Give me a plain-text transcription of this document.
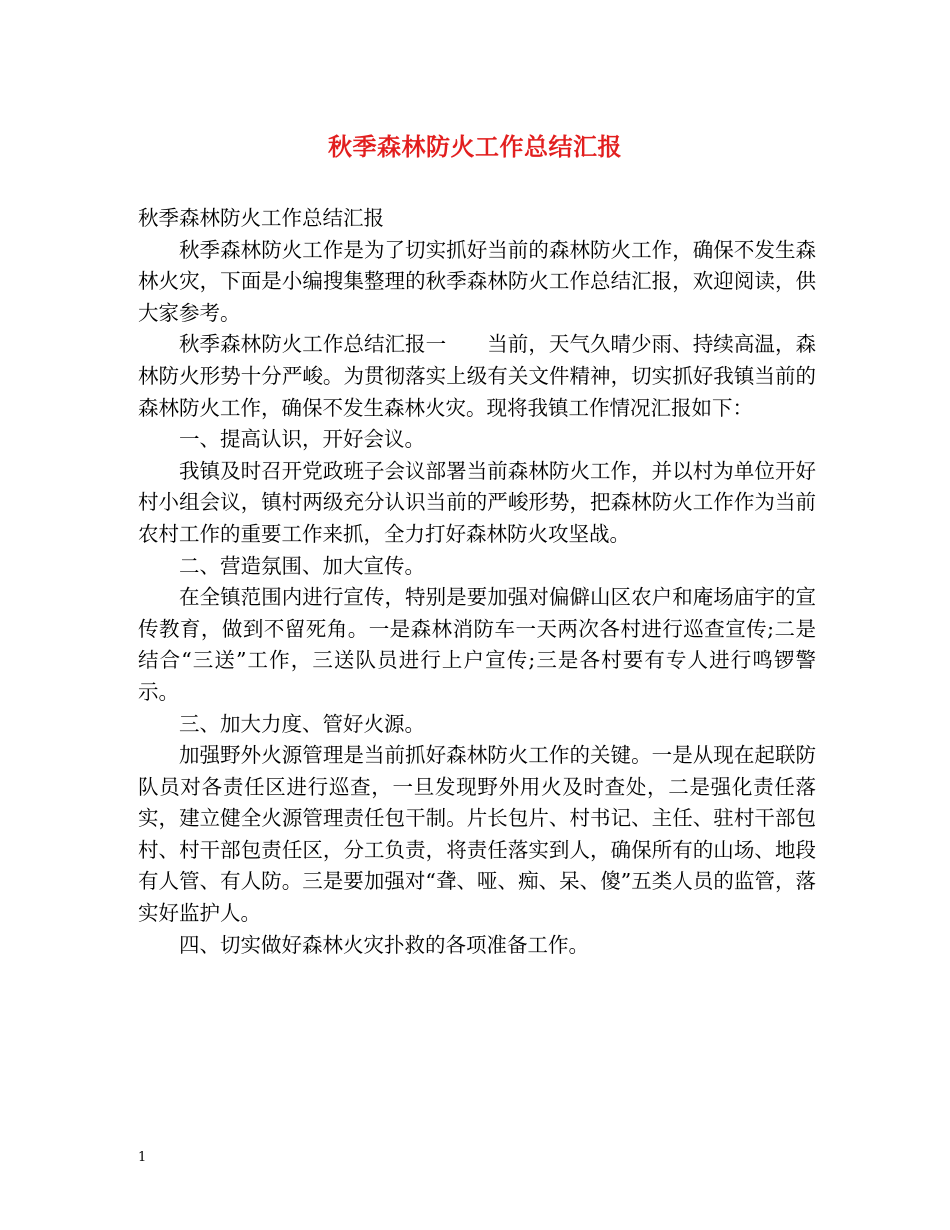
秋季森林防火工作总结汇报

秋季森林防火工作总结汇报

秋季森林防火工作是为了切实抓好当前的森林防火工作，确保不发生森林火灾，下面是小编搜集整理的秋季森林防火工作总结汇报，欢迎阅读，供大家参考。

秋季森林防火工作总结汇报一　　当前，天气久晴少雨、持续高温，森林防火形势十分严峻。为贯彻落实上级有关文件精神，切实抓好我镇当前的森林防火工作，确保不发生森林火灾。现将我镇工作情况汇报如下：

一、提高认识，开好会议。

我镇及时召开党政班子会议部署当前森林防火工作，并以村为单位开好村小组会议，镇村两级充分认识当前的严峻形势，把森林防火工作作为当前农村工作的重要工作来抓，全力打好森林防火攻坚战。

二、营造氛围、加大宣传。

在全镇范围内进行宣传，特别是要加强对偏僻山区农户和庵场庙宇的宣传教育，做到不留死角。一是森林消防车一天两次各村进行巡查宣传;二是结合“三送”工作，三送队员进行上户宣传;三是各村要有专人进行鸣锣警示。

三、加大力度、管好火源。

加强野外火源管理是当前抓好森林防火工作的关键。一是从现在起联防队员对各责任区进行巡查，一旦发现野外用火及时查处，二是强化责任落实，建立健全火源管理责任包干制。片长包片、村书记、主任、驻村干部包村、村干部包责任区，分工负责，将责任落实到人，确保所有的山场、地段有人管、有人防。三是要加强对“聋、哑、痴、呆、傻”五类人员的监管，落实好监护人。

四、切实做好森林火灾扑救的各项准备工作。

1
